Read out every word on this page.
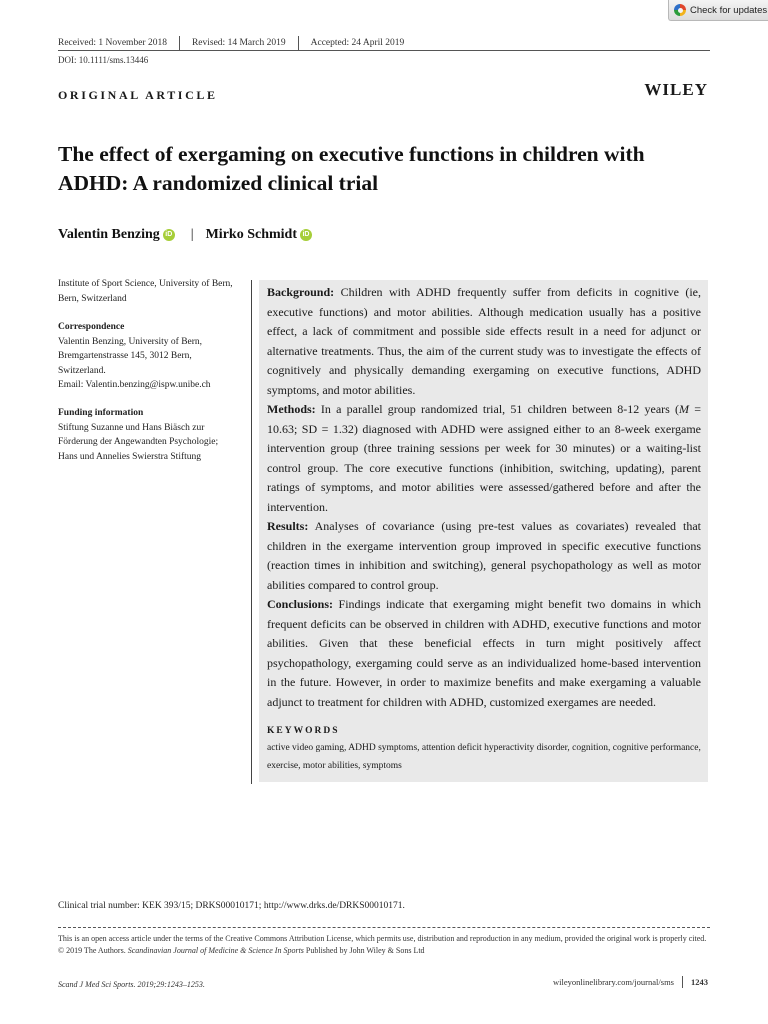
Check for updates
Received: 1 November 2018	Revised: 14 March 2019	Accepted: 24 April 2019
DOI: 10.1111/sms.13446
ORIGINAL ARTICLE	WILEY
The effect of exergaming on executive functions in children with ADHD: A randomized clinical trial
Valentin Benzing iD | Mirko Schmidt iD
Institute of Sport Science, University of Bern, Bern, Switzerland
Correspondence
Valentin Benzing, University of Bern,
Bremgartenstrasse 145, 3012 Bern,
Switzerland.
Email: Valentin.benzing@ispw.unibe.ch
Funding information
Stiftung Suzanne und Hans Biäsch zur Förderung der Angewandten Psychologie; Hans und Annelies Swierstra Stiftung

Background: Children with ADHD frequently suffer from deficits in cognitive (ie, executive functions) and motor abilities. Although medication usually has a positive effect, a lack of commitment and possible side effects result in a need for adjunct or alternative treatments. Thus, the aim of the current study was to investigate the effects of cognitively and physically demanding exergaming on executive functions, ADHD symptoms, and motor abilities.

Methods: In a parallel group randomized trial, 51 children between 8-12 years (M = 10.63; SD = 1.32) diagnosed with ADHD were assigned either to an 8-week exergame intervention group (three training sessions per week for 30 minutes) or a waiting-list control group. The core executive functions (inhibition, switching, updating), parent ratings of symptoms, and motor abilities were assessed/gathered before and after the intervention.

Results: Analyses of covariance (using pre-test values as covariates) revealed that children in the exergame intervention group improved in specific executive functions (reaction times in inhibition and switching), general psychopathology as well as motor abilities compared to control group.

Conclusions: Findings indicate that exergaming might benefit two domains in which frequent deficits can be observed in children with ADHD, executive functions and motor abilities. Given that these beneficial effects in turn might positively affect psychopathology, exergaming could serve as an individualized home-based intervention in the future. However, in order to maximize benefits and make exergaming a valuable adjunct to treatment for children with ADHD, customized exergames are needed.

KEYWORDS

active video gaming, ADHD symptoms, attention deficit hyperactivity disorder, cognition, cognitive performance, exercise, motor abilities, symptoms

Clinical trial number: KEK 393/15; DRKS00010171; http://www.drks.de/DRKS00010171.
This is an open access article under the terms of the Creative Commons Attribution License, which permits use, distribution and reproduction in any medium, provided the original work is properly cited.
© 2019 The Authors. Scandinavian Journal of Medicine & Science In Sports Published by John Wiley & Sons Ltd
Scand J Med Sci Sports. 2019;29:1243–1253.	wileyonlinelibrary.com/journal/sms 1243
